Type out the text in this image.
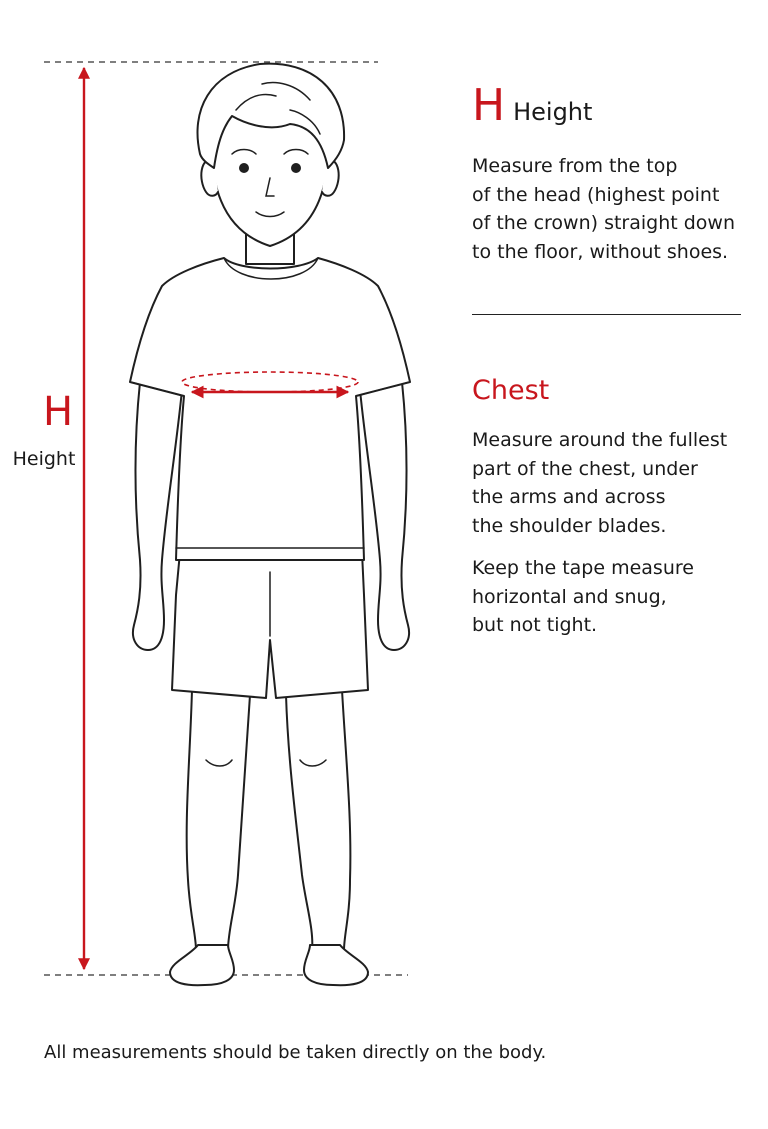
H
Height
H Height
Measure from the top
of the head (highest point
of the crown) straight down
to the floor, without shoes.
Chest
Measure around the fullest
part of the chest, under
the arms and across
the shoulder blades.
Keep the tape measure
horizontal and snug,
but not tight.
All measurements should be taken directly on the body.
